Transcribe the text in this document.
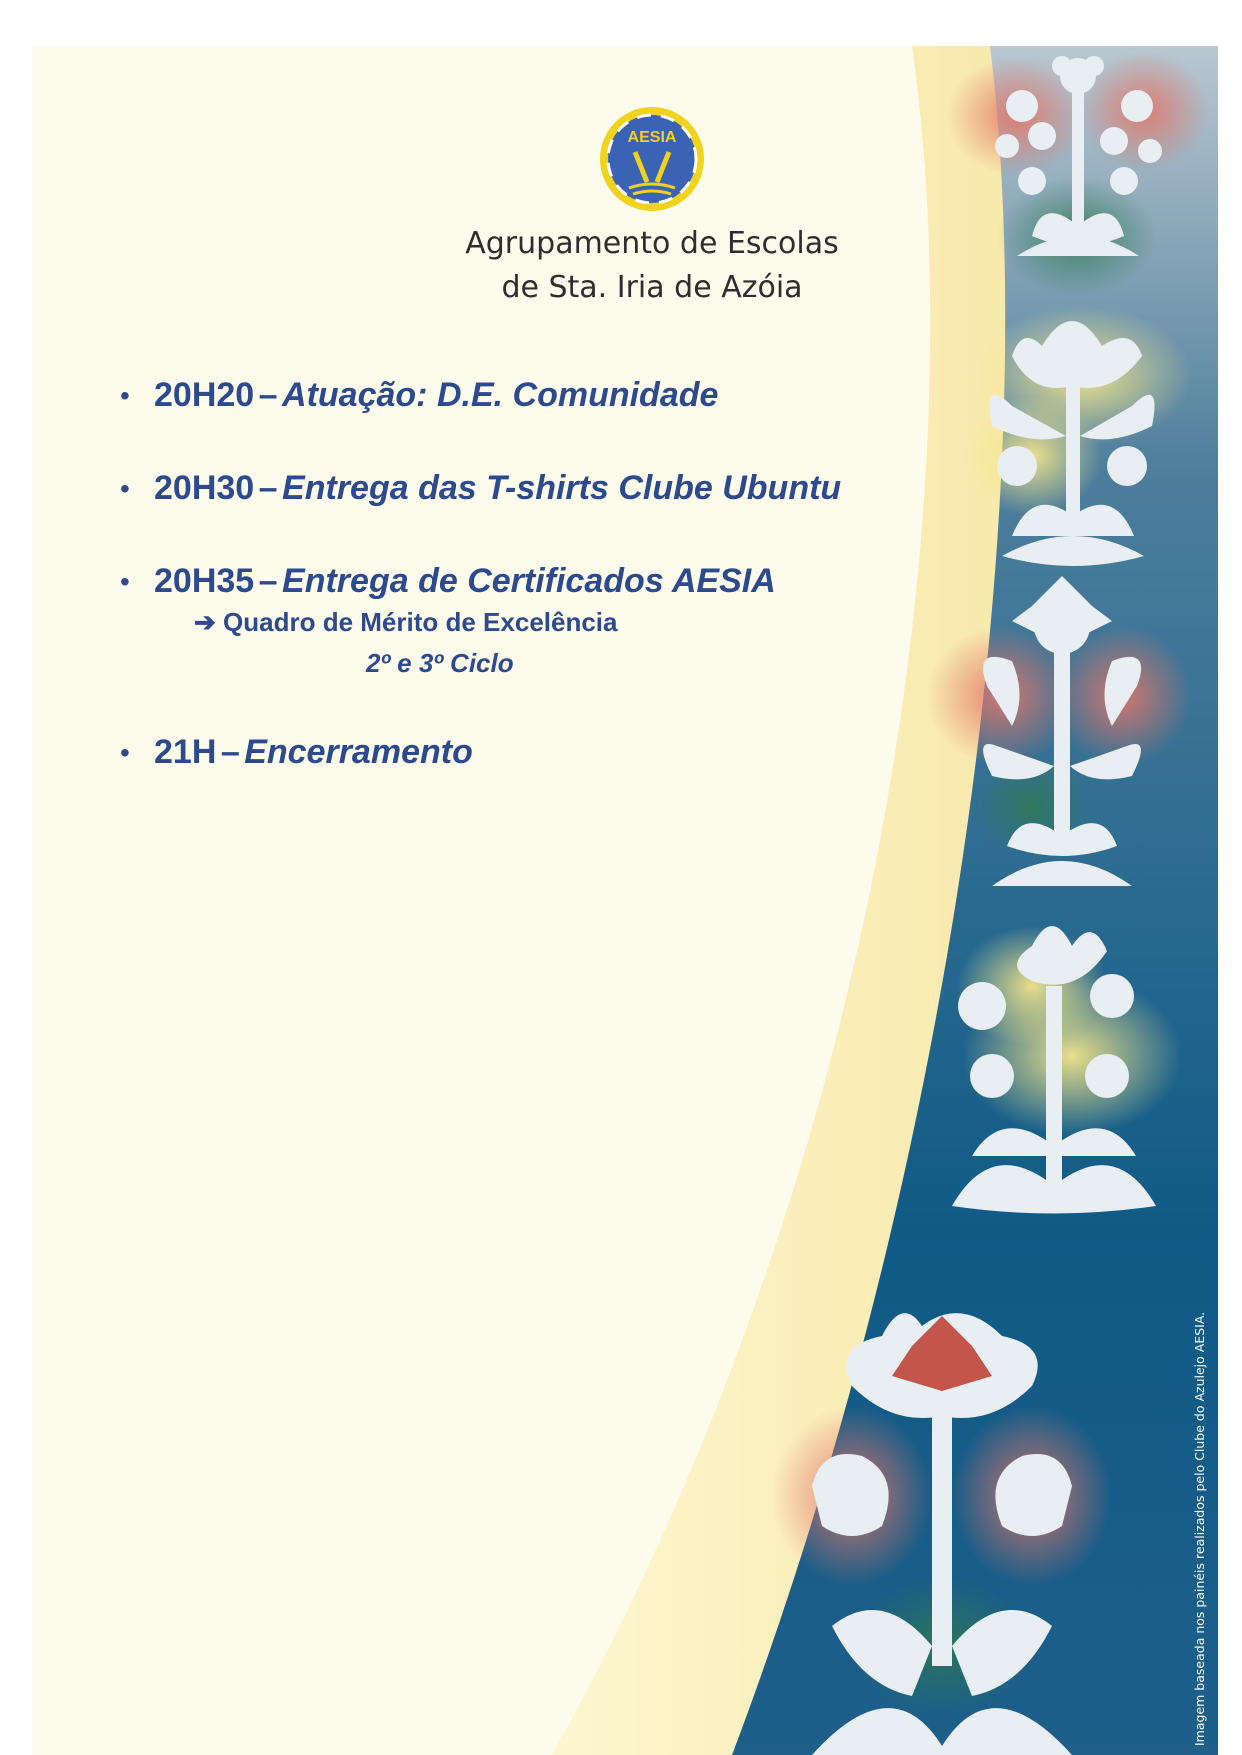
AESIA
Agrupamento de Escolas
de Sta. Iria de Azóia
• 20H20 – Atuação: D.E. Comunidade
• 20H30 – Entrega das T-shirts Clube Ubuntu
• 20H35 – Entrega de Certificados AESIA
➔ Quadro de Mérito de Excelência
2º e 3º Ciclo
• 21H – Encerramento
Imagem baseada nos painéis realizados pelo Clube do Azulejo AESIA.
